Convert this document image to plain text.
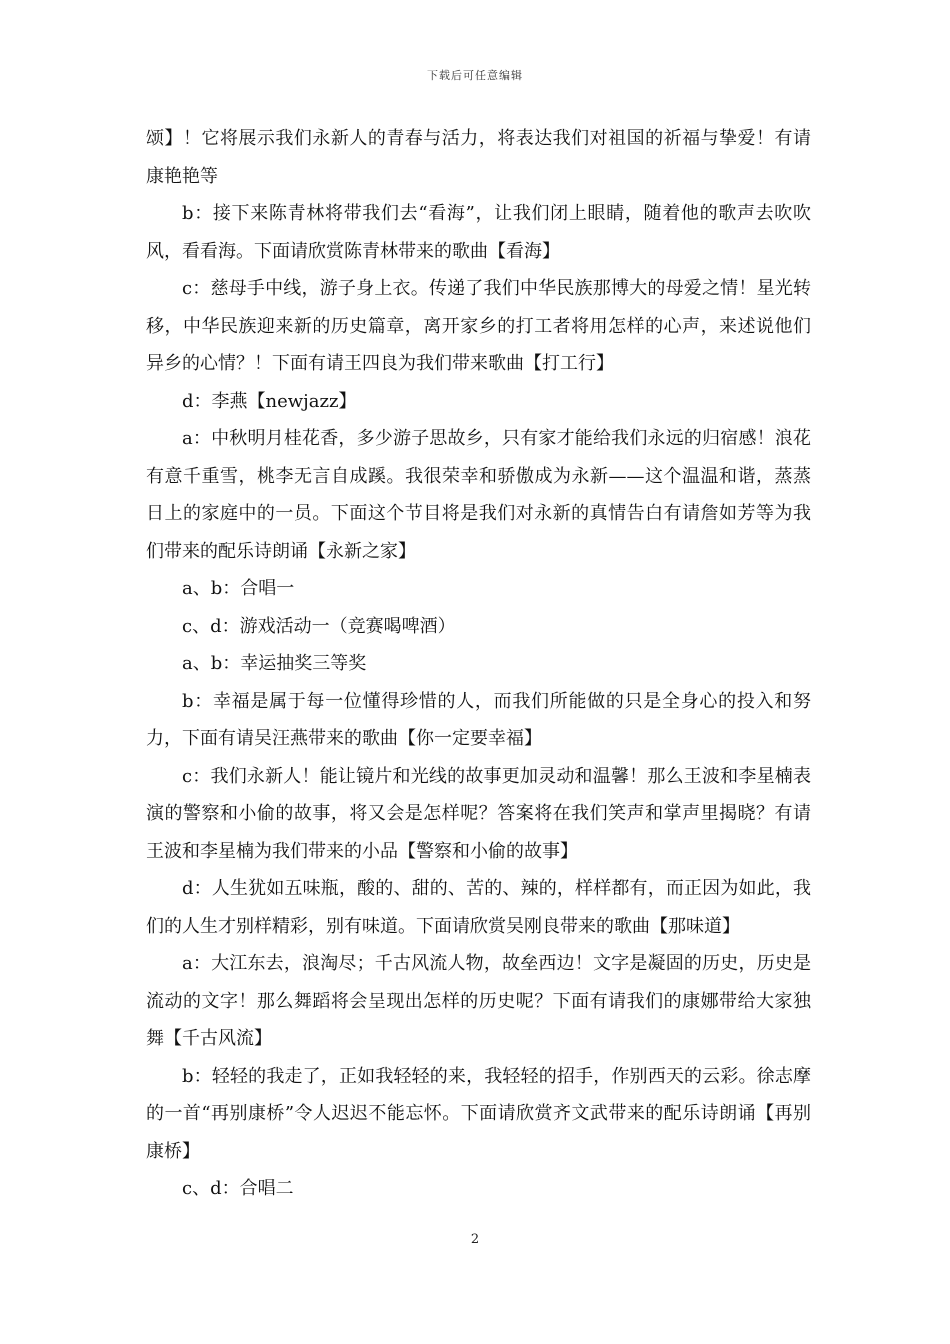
下载后可任意编辑

颂】！它将展示我们永新人的青春与活力，将表达我们对祖国的祈福与挚爱！有请康艳艳等

b：接下来陈青林将带我们去“看海”，让我们闭上眼睛，随着他的歌声去吹吹风，看看海。下面请欣赏陈青林带来的歌曲【看海】

c：慈母手中线，游子身上衣。传递了我们中华民族那博大的母爱之情！星光转移，中华民族迎来新的历史篇章，离开家乡的打工者将用怎样的心声，来述说他们异乡的心情？！下面有请王四良为我们带来歌曲【打工行】

d：李燕【newjazz】

a：中秋明月桂花香，多少游子思故乡，只有家才能给我们永远的归宿感！浪花有意千重雪，桃李无言自成蹊。我很荣幸和骄傲成为永新——这个温温和谐，蒸蒸日上的家庭中的一员。下面这个节目将是我们对永新的真情告白有请詹如芳等为我们带来的配乐诗朗诵【永新之家】

a、b：合唱一

c、d：游戏活动一（竞赛喝啤酒）

a、b：幸运抽奖三等奖

b：幸福是属于每一位懂得珍惜的人，而我们所能做的只是全身心的投入和努力，下面有请吴汪燕带来的歌曲【你一定要幸福】

c：我们永新人！能让镜片和光线的故事更加灵动和温馨！那么王波和李星楠表演的警察和小偷的故事，将又会是怎样呢？答案将在我们笑声和掌声里揭晓？有请王波和李星楠为我们带来的小品【警察和小偷的故事】

d：人生犹如五味瓶，酸的、甜的、苦的、辣的，样样都有，而正因为如此，我们的人生才别样精彩，别有味道。下面请欣赏吴刚良带来的歌曲【那味道】

a：大江东去，浪淘尽；千古风流人物，故垒西边！文字是凝固的历史，历史是流动的文字！那么舞蹈将会呈现出怎样的历史呢？下面有请我们的康娜带给大家独舞【千古风流】

b：轻轻的我走了，正如我轻轻的来，我轻轻的招手，作别西天的云彩。徐志摩的一首“再别康桥”令人迟迟不能忘怀。下面请欣赏齐文武带来的配乐诗朗诵【再别康桥】

c、d：合唱二

2
